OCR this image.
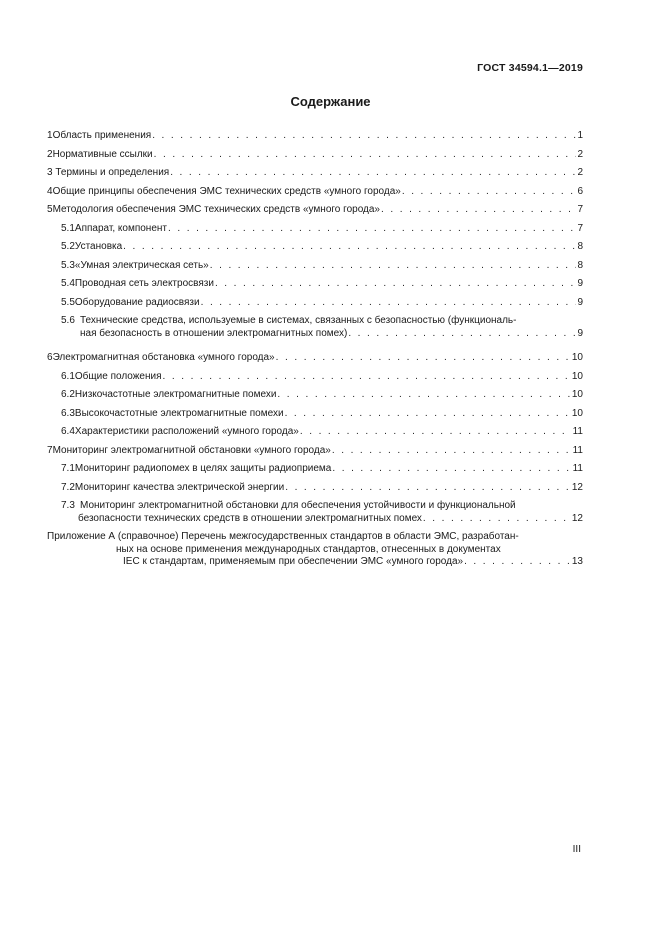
ГОСТ 34594.1—2019
Содержание
1 Область применения . . .	1
2 Нормативные ссылки . . .	2
3 Термины и определения . . .	2
4 Общие принципы обеспечения ЭМС технических средств «умного города» . . .	6
5 Методология обеспечения ЭМС технических средств «умного города» . . .	7
5.1 Аппарат, компонент . . .	7
5.2 Установка . . .	8
5.3 «Умная электрическая сеть» . . .	8
5.4 Проводная сеть электросвязи . . .	9
5.5 Оборудование радиосвязи . . .	9
5.6 Технические средства, используемые в системах, связанных с безопасностью (функциональ-
ная безопасность в отношении электромагнитных помех) . . .	9
6 Электромагнитная обстановка «умного города» . . .	10
6.1 Общие положения . . .	10
6.2 Низкочастотные электромагнитные помехи . . .	10
6.3 Высокочастотные электромагнитные помехи . . .	10
6.4 Характеристики расположений «умного города» . . .	11
7 Мониторинг электромагнитной обстановки «умного города» . . .	11
7.1 Мониторинг радиопомех в целях защиты радиоприема . . .	11
7.2 Мониторинг качества электрической энергии . . .	12
7.3 Мониторинг электромагнитной обстановки для обеспечения устойчивости и функциональной
безопасности технических средств в отношении электромагнитных помех . . .	12
Приложение А (справочное) Перечень межгосударственных стандартов в области ЭМС, разработан-
ных на основе применения международных стандартов, отнесенных в документах
IEC к стандартам, применяемым при обеспечении ЭМС «умного города» . . .	13
III
